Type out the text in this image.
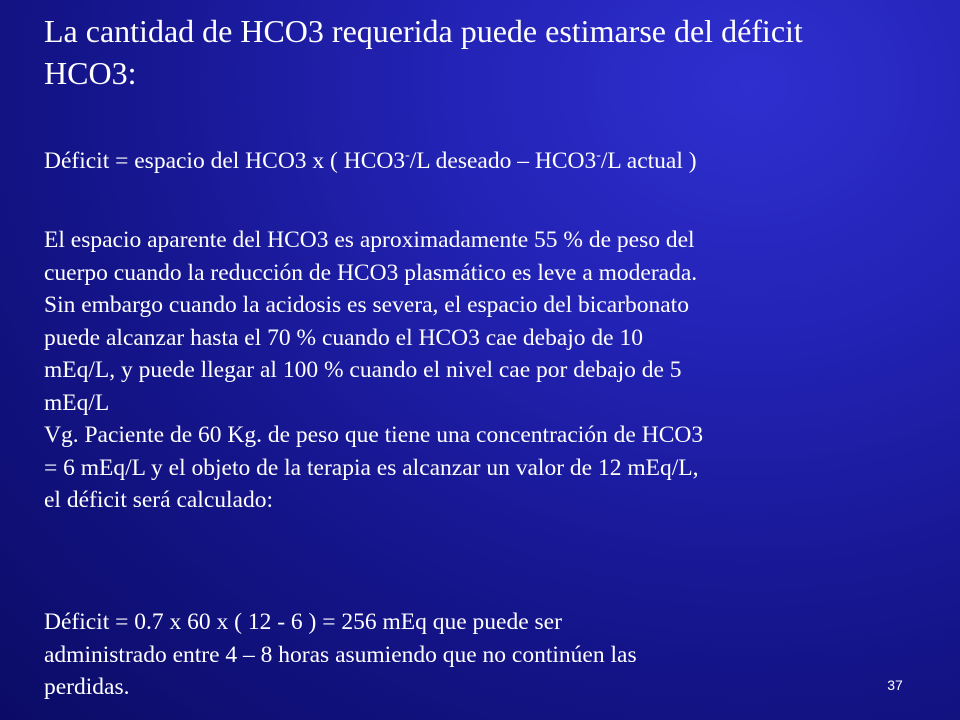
La cantidad de HCO3 requerida puede estimarse del déficit
HCO3:
Déficit = espacio del HCO3 x ( HCO3-/L deseado – HCO3-/L actual )
El espacio aparente del HCO3 es aproximadamente 55 % de peso del
cuerpo cuando la reducción de HCO3 plasmático es leve a moderada.
Sin embargo cuando la acidosis es severa, el espacio del bicarbonato
puede alcanzar hasta el 70 % cuando el HCO3 cae debajo de 10
mEq/L, y puede llegar al 100 % cuando el nivel cae por debajo de 5
mEq/L
Vg. Paciente de 60 Kg. de peso que tiene una concentración de HCO3
= 6 mEq/L y el objeto de la terapia es alcanzar un valor de 12 mEq/L,
el déficit será calculado:
Déficit = 0.7 x 60 x ( 12 - 6 ) = 256 mEq que puede ser
administrado entre 4 – 8 horas asumiendo que no continúen las
perdidas.	37
